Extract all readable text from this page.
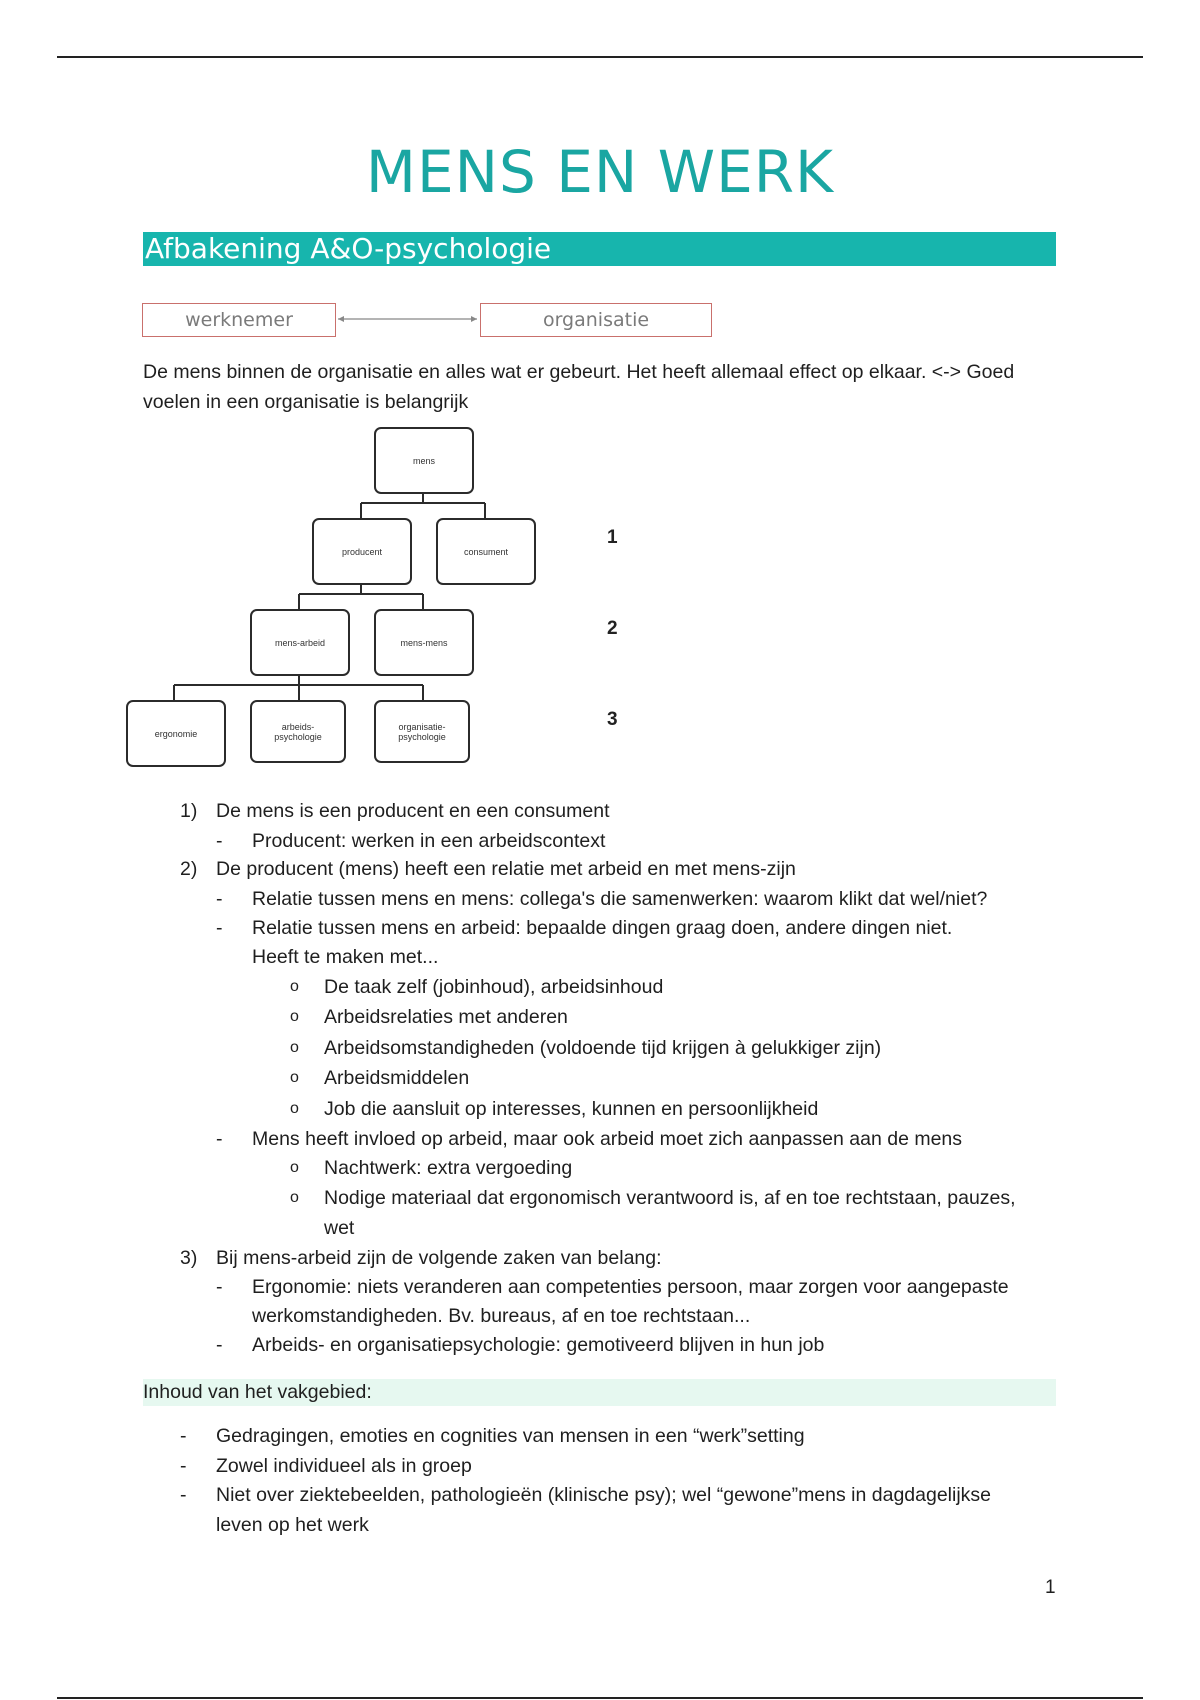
MENS EN WERK
Afbakening A&O-psychologie
werknemer	organisatie
De mens binnen de organisatie en alles wat er gebeurt. Het heeft allemaal effect op elkaar. <-> Goed
voelen in een organisatie is belangrijk
mens
producent	consument
mens-arbeid	mens-mens
ergonomie
arbeids-psychologie
organisatie-psychologie
1
2
3
1) De mens is een producent en een consument
- Producent: werken in een arbeidscontext
2) De producent (mens) heeft een relatie met arbeid en met mens-zijn
- Relatie tussen mens en mens: collega's die samenwerken: waarom klikt dat wel/niet?
- Relatie tussen mens en arbeid: bepaalde dingen graag doen, andere dingen niet.
Heeft te maken met...
o De taak zelf (jobinhoud), arbeidsinhoud
o Arbeidsrelaties met anderen
o Arbeidsomstandigheden (voldoende tijd krijgen à gelukkiger zijn)
o Arbeidsmiddelen
o Job die aansluit op interesses, kunnen en persoonlijkheid
- Mens heeft invloed op arbeid, maar ook arbeid moet zich aanpassen aan de mens
o Nachtwerk: extra vergoeding
o Nodige materiaal dat ergonomisch verantwoord is, af en toe rechtstaan, pauzes,
wet
3) Bij mens-arbeid zijn de volgende zaken van belang:
- Ergonomie: niets veranderen aan competenties persoon, maar zorgen voor aangepaste
werkomstandigheden. Bv. bureaus, af en toe rechtstaan...
- Arbeids- en organisatiepsychologie: gemotiveerd blijven in hun job
Inhoud van het vakgebied:
- Gedragingen, emoties en cognities van mensen in een “werk”setting
- Zowel individueel als in groep
- Niet over ziektebeelden, pathologieën (klinische psy); wel “gewone”mens in dagdagelijkse
leven op het werk
1
